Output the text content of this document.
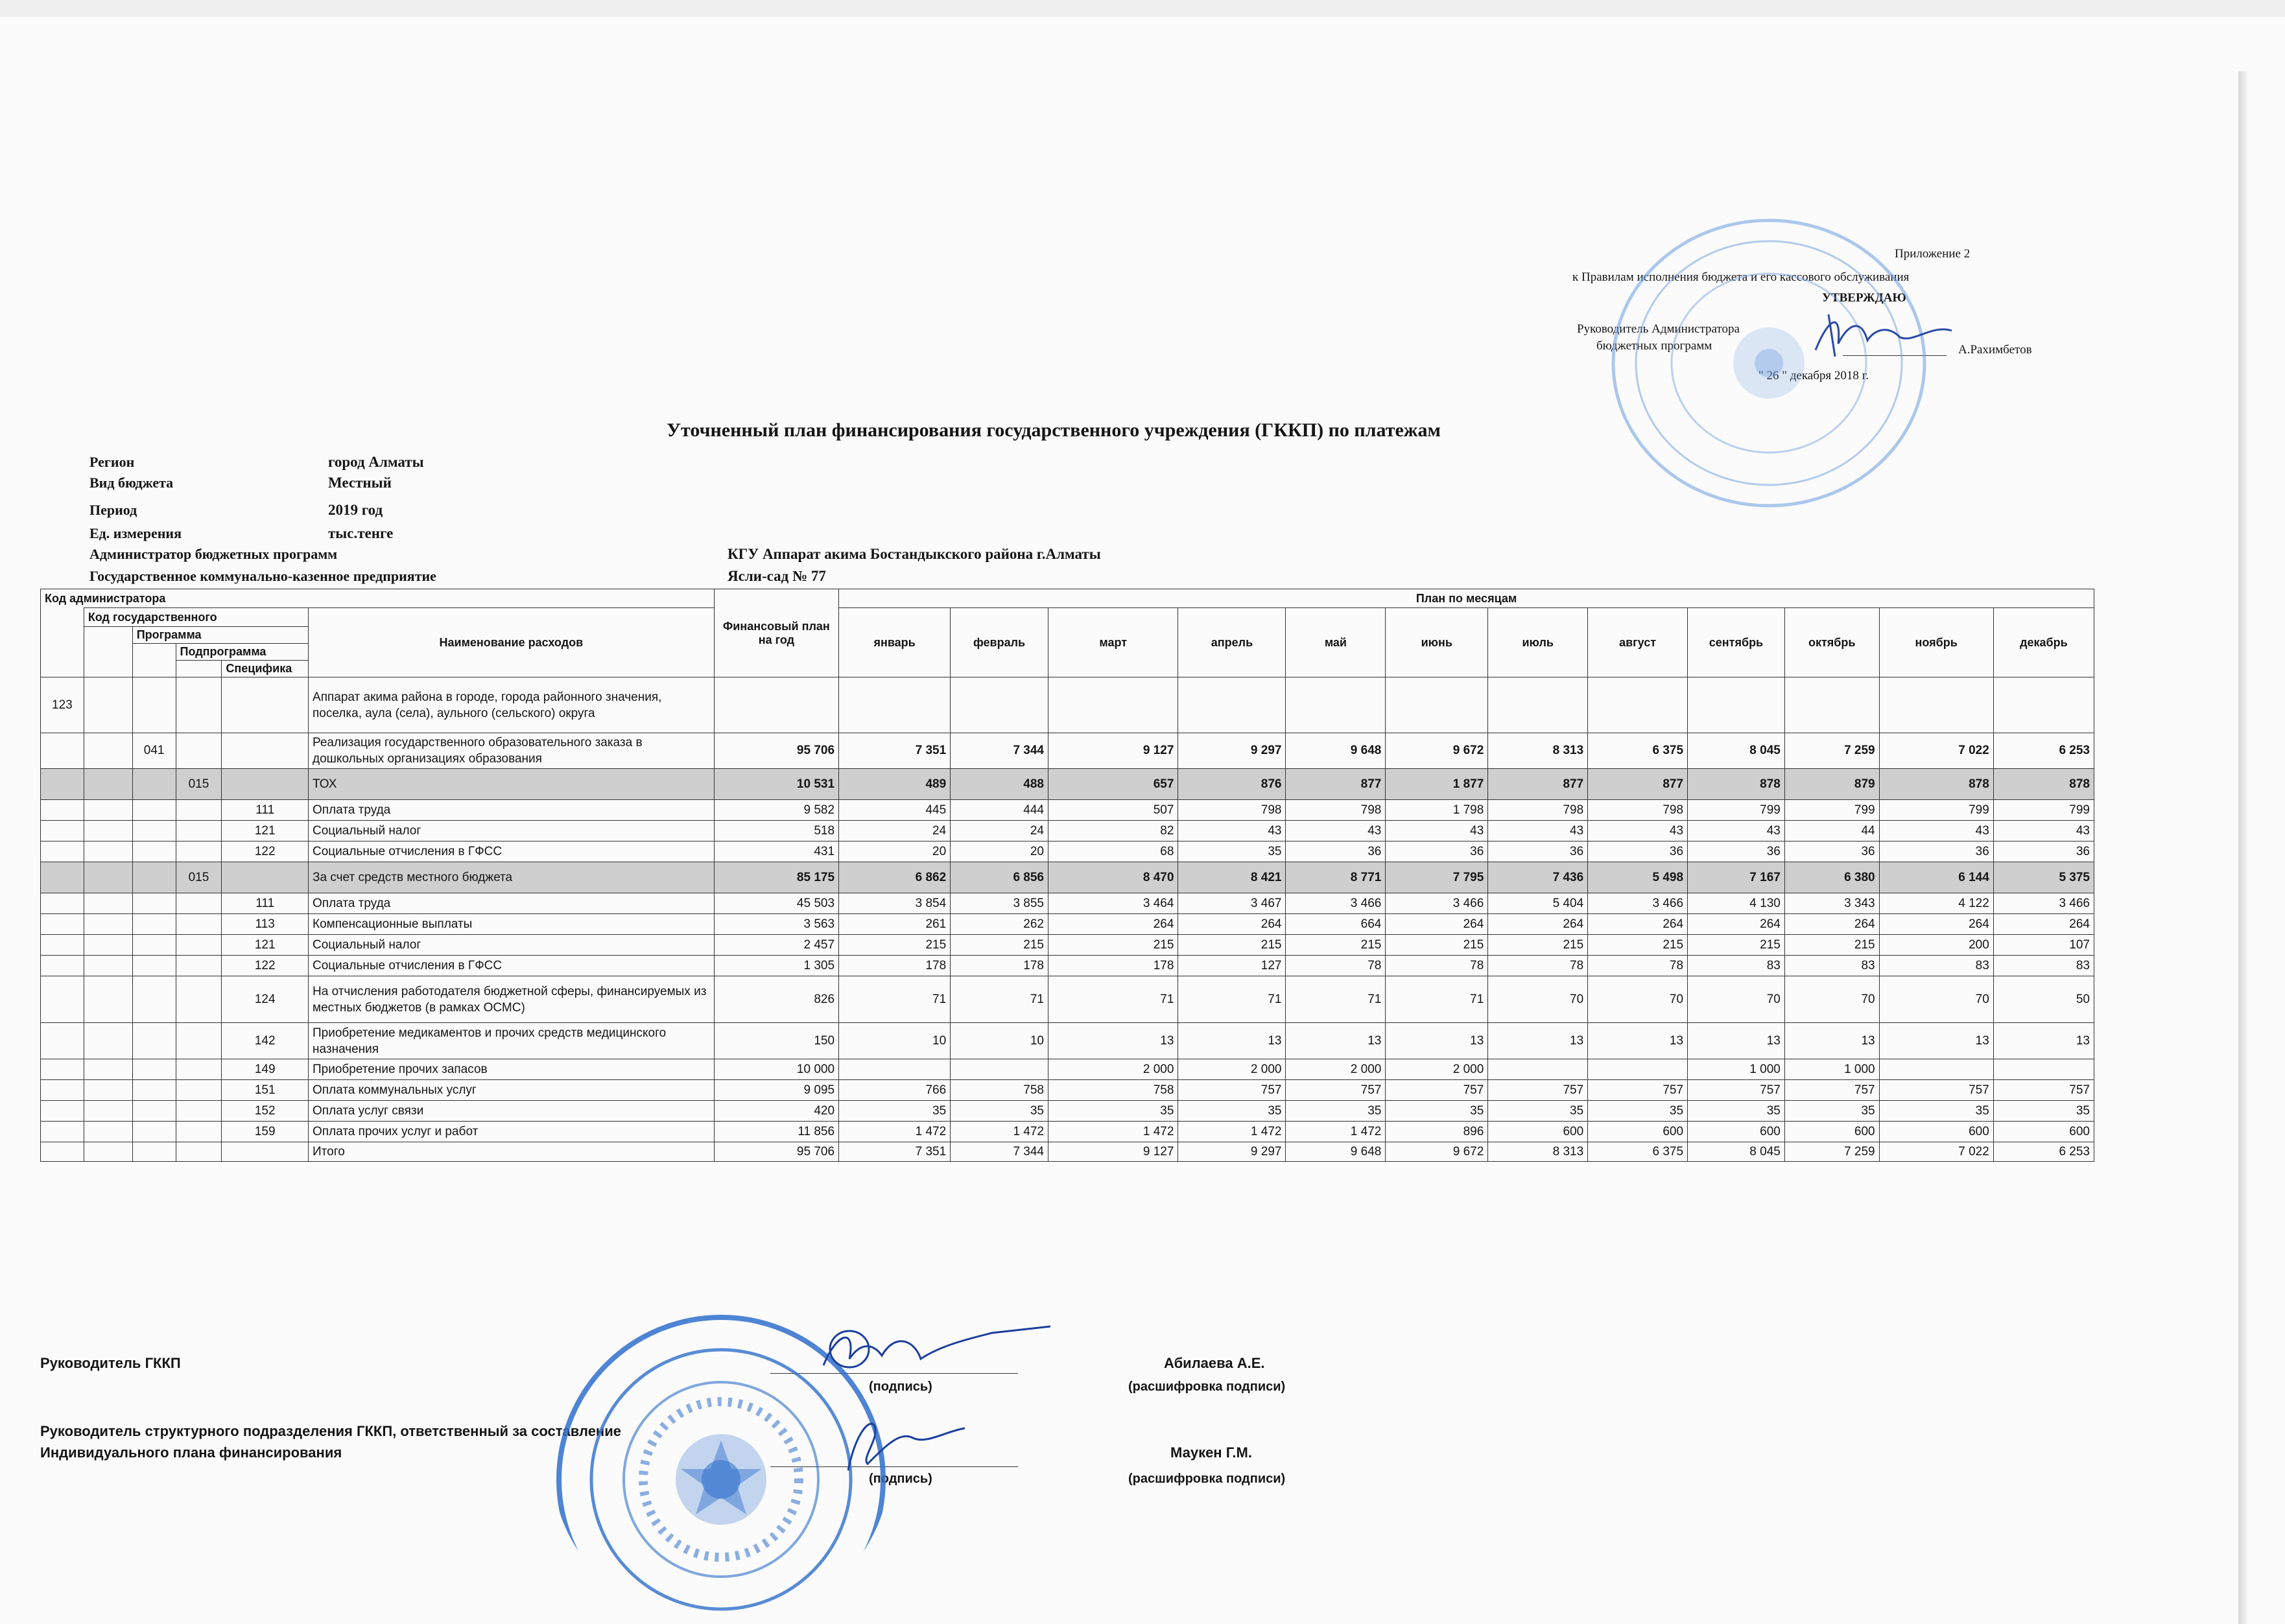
Приложение 2
к Правилам исполнения бюджета и его кассового обслуживания
УТВЕРЖДАЮ
Руководитель Администратора
бюджетных программ	А.Рахимбетов
" 26 " декабря 2018 г.
Уточненный план финансирования государственного учреждения (ГККП) по платежам
Регион	город Алматы
Вид бюджета	Местный
Период	2019 год
Ед. измерения	тыс.тенге
Администратор бюджетных программ	КГУ Аппарат акима Бостандыкского района г.Алматы
Государственное коммунально-казенное предприятие	Ясли-сад № 77
Код администратора						Финансовый план на год	План по месяцам											
	Код государственного				Наименование расходов		январь	февраль	март	апрель	май	июнь	июль	август	сентябрь	октябрь	ноябрь	декабрь
		Программа																
			Подпрограмма															
				Специфика														
123					Аппарат акима района в городе, города районного значения, поселка, аула (села), аульного (сельского) округа													
		041			Реализация государственного образовательного заказа в дошкольных организациях образования	95 706	7 351	7 344	9 127	9 297	9 648	9 672	8 313	6 375	8 045	7 259	7 022	6 253
			015		ТОХ	10 531	489	488	657	876	877	1 877	877	877	878	879	878	878
				111	Оплата труда	9 582	445	444	507	798	798	1 798	798	798	799	799	799	799
				121	Социальный налог	518	24	24	82	43	43	43	43	43	43	44	43	43
				122	Социальные отчисления в ГФСС	431	20	20	68	35	36	36	36	36	36	36	36	36
			015		За счет средств местного бюджета	85 175	6 862	6 856	8 470	8 421	8 771	7 795	7 436	5 498	7 167	6 380	6 144	5 375
				111	Оплата труда	45 503	3 854	3 855	3 464	3 467	3 466	3 466	5 404	3 466	4 130	3 343	4 122	3 466
				113	Компенсационные выплаты	3 563	261	262	264	264	664	264	264	264	264	264	264	264
				121	Социальный налог	2 457	215	215	215	215	215	215	215	215	215	215	200	107
				122	Социальные отчисления в ГФСС	1 305	178	178	178	127	78	78	78	78	83	83	83	83
				124	На отчисления работодателя бюджетной сферы, финансируемых из местных бюджетов (в рамках ОСМС)	826	71	71	71	71	71	71	70	70	70	70	70	50
				142	Приобретение медикаментов и прочих средств медицинского назначения	150	10	10	13	13	13	13	13	13	13	13	13	13
				149	Приобретение прочих запасов	10 000			2 000	2 000	2 000	2 000			1 000	1 000		
				151	Оплата коммунальных услуг	9 095	766	758	758	757	757	757	757	757	757	757	757	757
				152	Оплата услуг связи	420	35	35	35	35	35	35	35	35	35	35	35	35
				159	Оплата прочих услуг и работ	11 856	1 472	1 472	1 472	1 472	1 472	896	600	600	600	600	600	600
					Итого	95 706	7 351	7 344	9 127	9 297	9 648	9 672	8 313	6 375	8 045	7 259	7 022	6 253
Руководитель ГККП	Абилаева А.Е.
(подпись)	(расшифровка подписи)
Руководитель структурного подразделения ГККП, ответственный за составление
Индивидуального плана финансирования	Маукен Г.М.
(подпись)	(расшифровка подписи)
